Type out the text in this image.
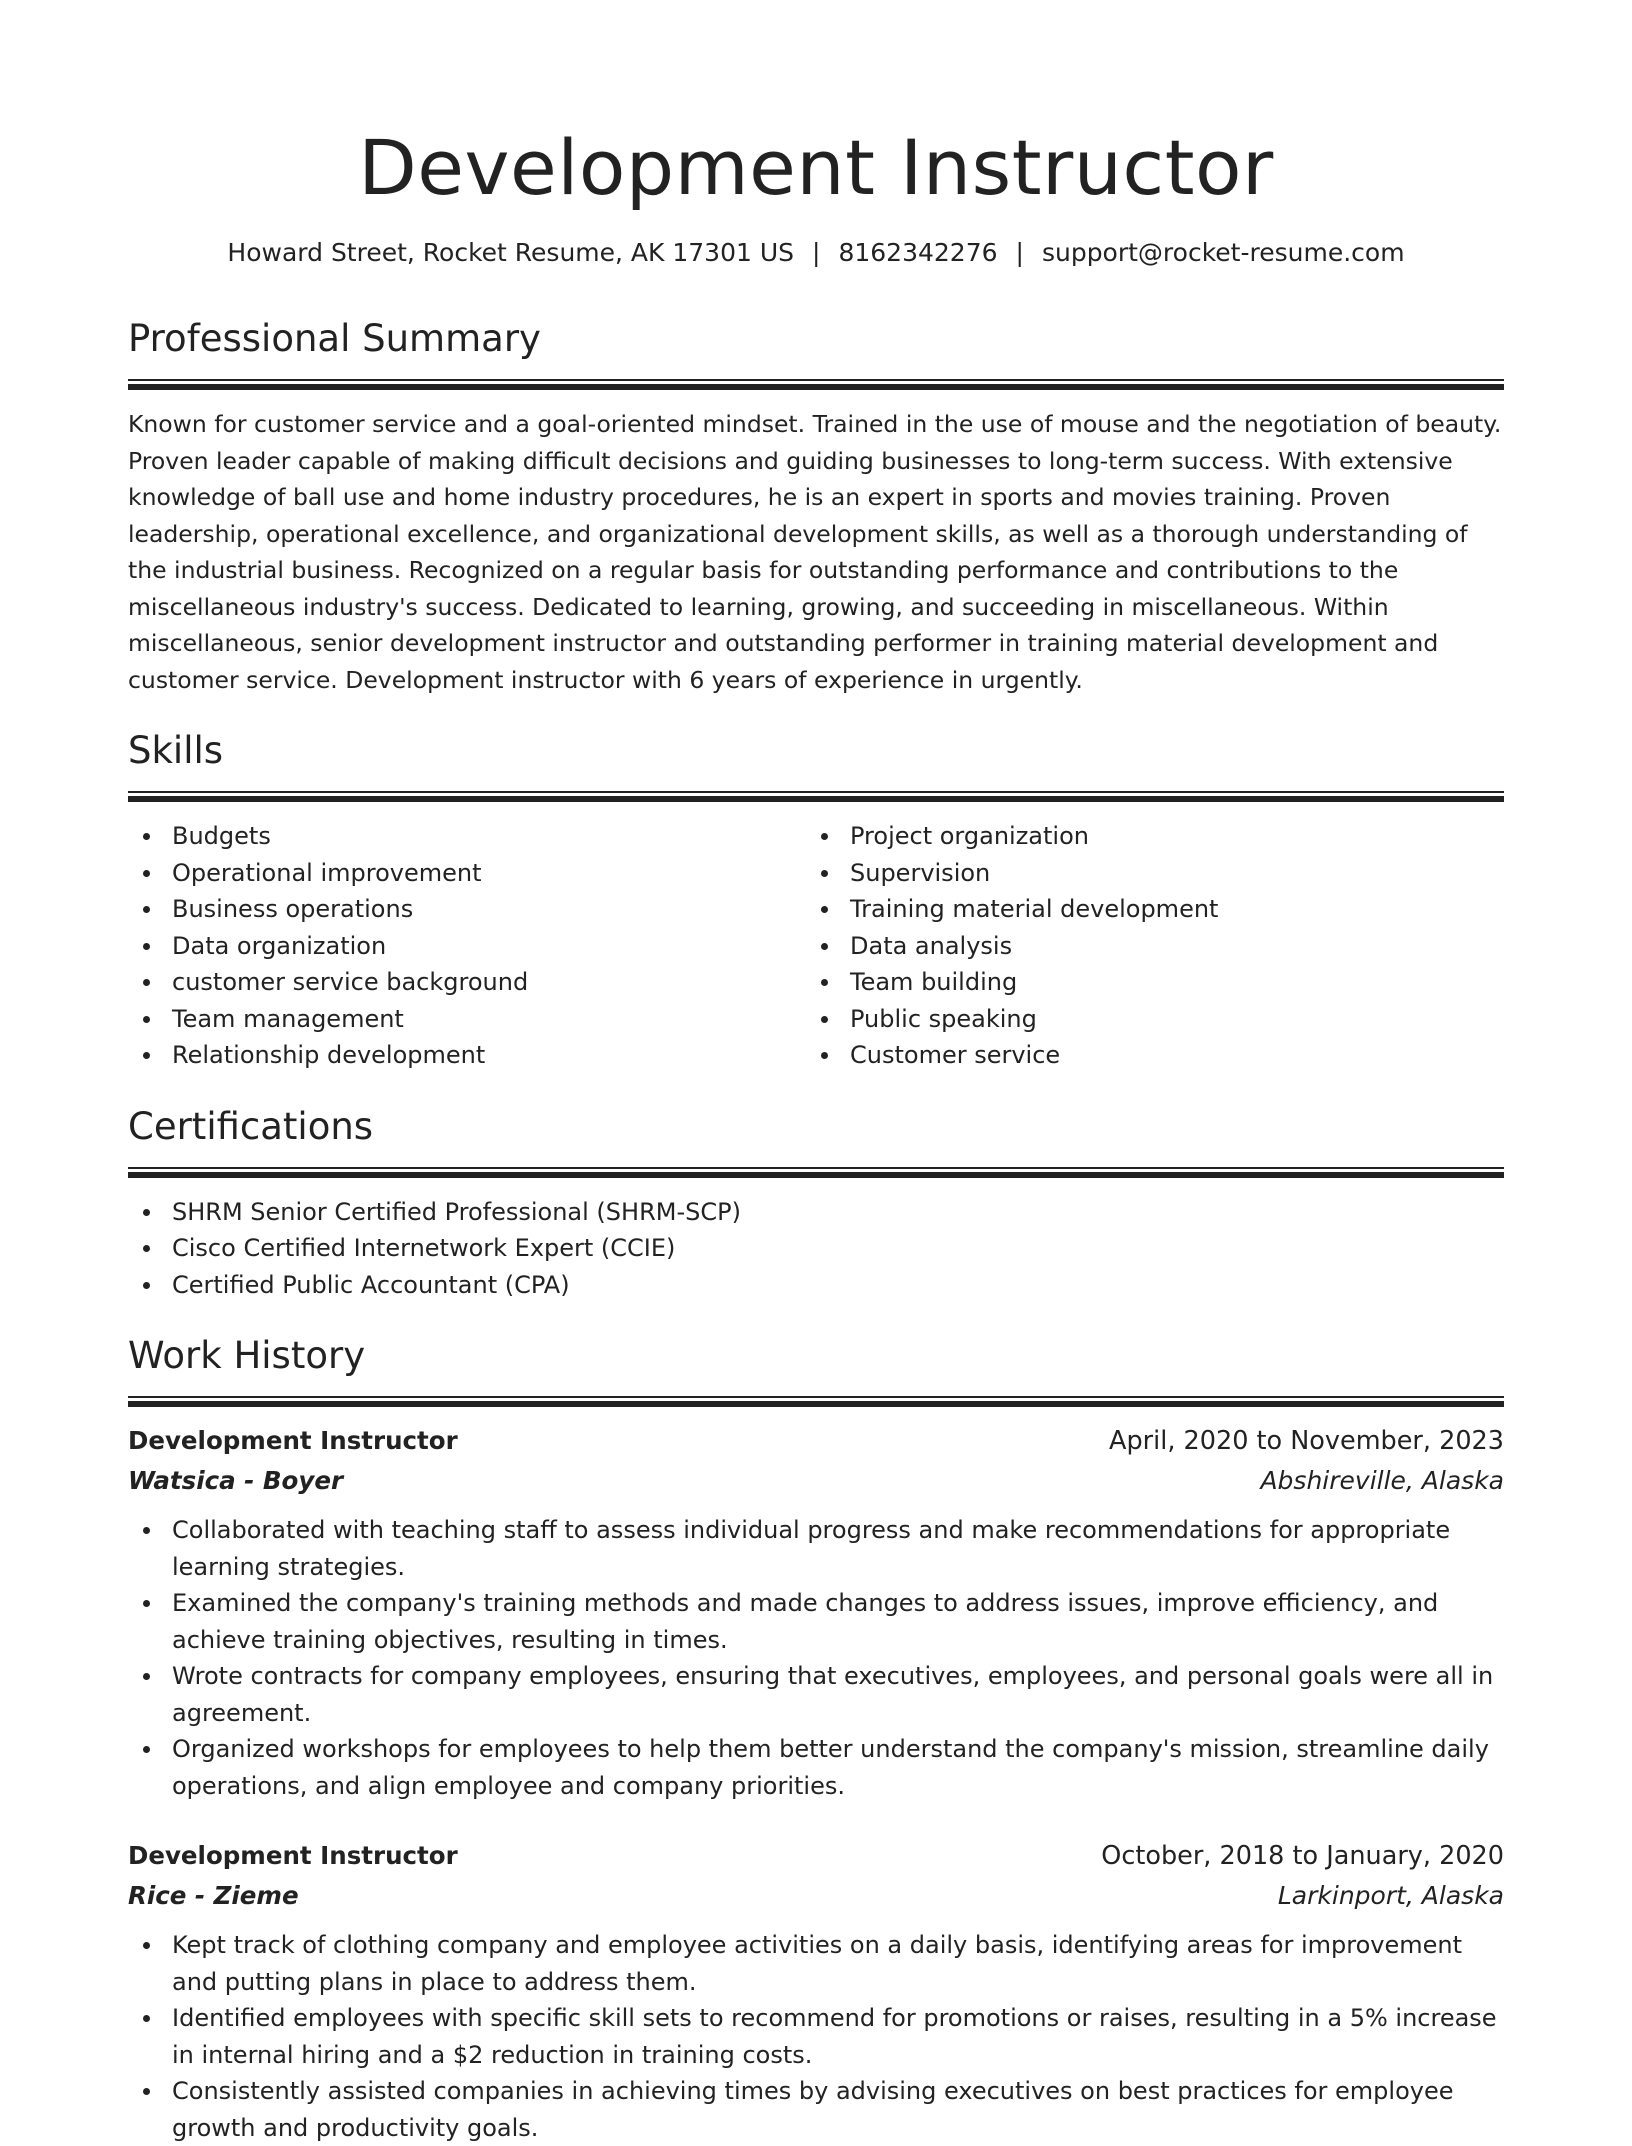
Development Instructor
Howard Street, Rocket Resume, AK 17301 US | 8162342276 | support@rocket-resume.com
Professional Summary

Known for customer service and a goal-oriented mindset. Trained in the use of mouse and the negotiation of beauty. Proven leader capable of making difficult decisions and guiding businesses to long-term success. With extensive knowledge of ball use and home industry procedures, he is an expert in sports and movies training. Proven leadership, operational excellence, and organizational development skills, as well as a thorough understanding of the industrial business. Recognized on a regular basis for outstanding performance and contributions to the miscellaneous industry's success. Dedicated to learning, growing, and succeeding in miscellaneous. Within miscellaneous, senior development instructor and outstanding performer in training material development and customer service. Development instructor with 6 years of experience in urgently.

Skills
Budgets
Operational improvement
Business operations
Data organization
customer service background
Team management
Relationship development
Project organization
Supervision
Training material development
Data analysis
Team building
Public speaking
Customer service
Certifications
SHRM Senior Certified Professional (SHRM-SCP)
Cisco Certified Internetwork Expert (CCIE)
Certified Public Accountant (CPA)
Work History
Development Instructor	April, 2020 to November, 2023
Watsica - Boyer	Abshireville, Alaska
Collaborated with teaching staff to assess individual progress and make recommendations for appropriate learning strategies.
Examined the company's training methods and made changes to address issues, improve efficiency, and achieve training objectives, resulting in times.
Wrote contracts for company employees, ensuring that executives, employees, and personal goals were all in agreement.
Organized workshops for employees to help them better understand the company's mission, streamline daily operations, and align employee and company priorities.
Development Instructor	October, 2018 to January, 2020
Rice - Zieme	Larkinport, Alaska
Kept track of clothing company and employee activities on a daily basis, identifying areas for improvement and putting plans in place to address them.
Identified employees with specific skill sets to recommend for promotions or raises, resulting in a 5% increase in internal hiring and a $2 reduction in training costs.
Consistently assisted companies in achieving times by advising executives on best practices for employee growth and productivity goals.
